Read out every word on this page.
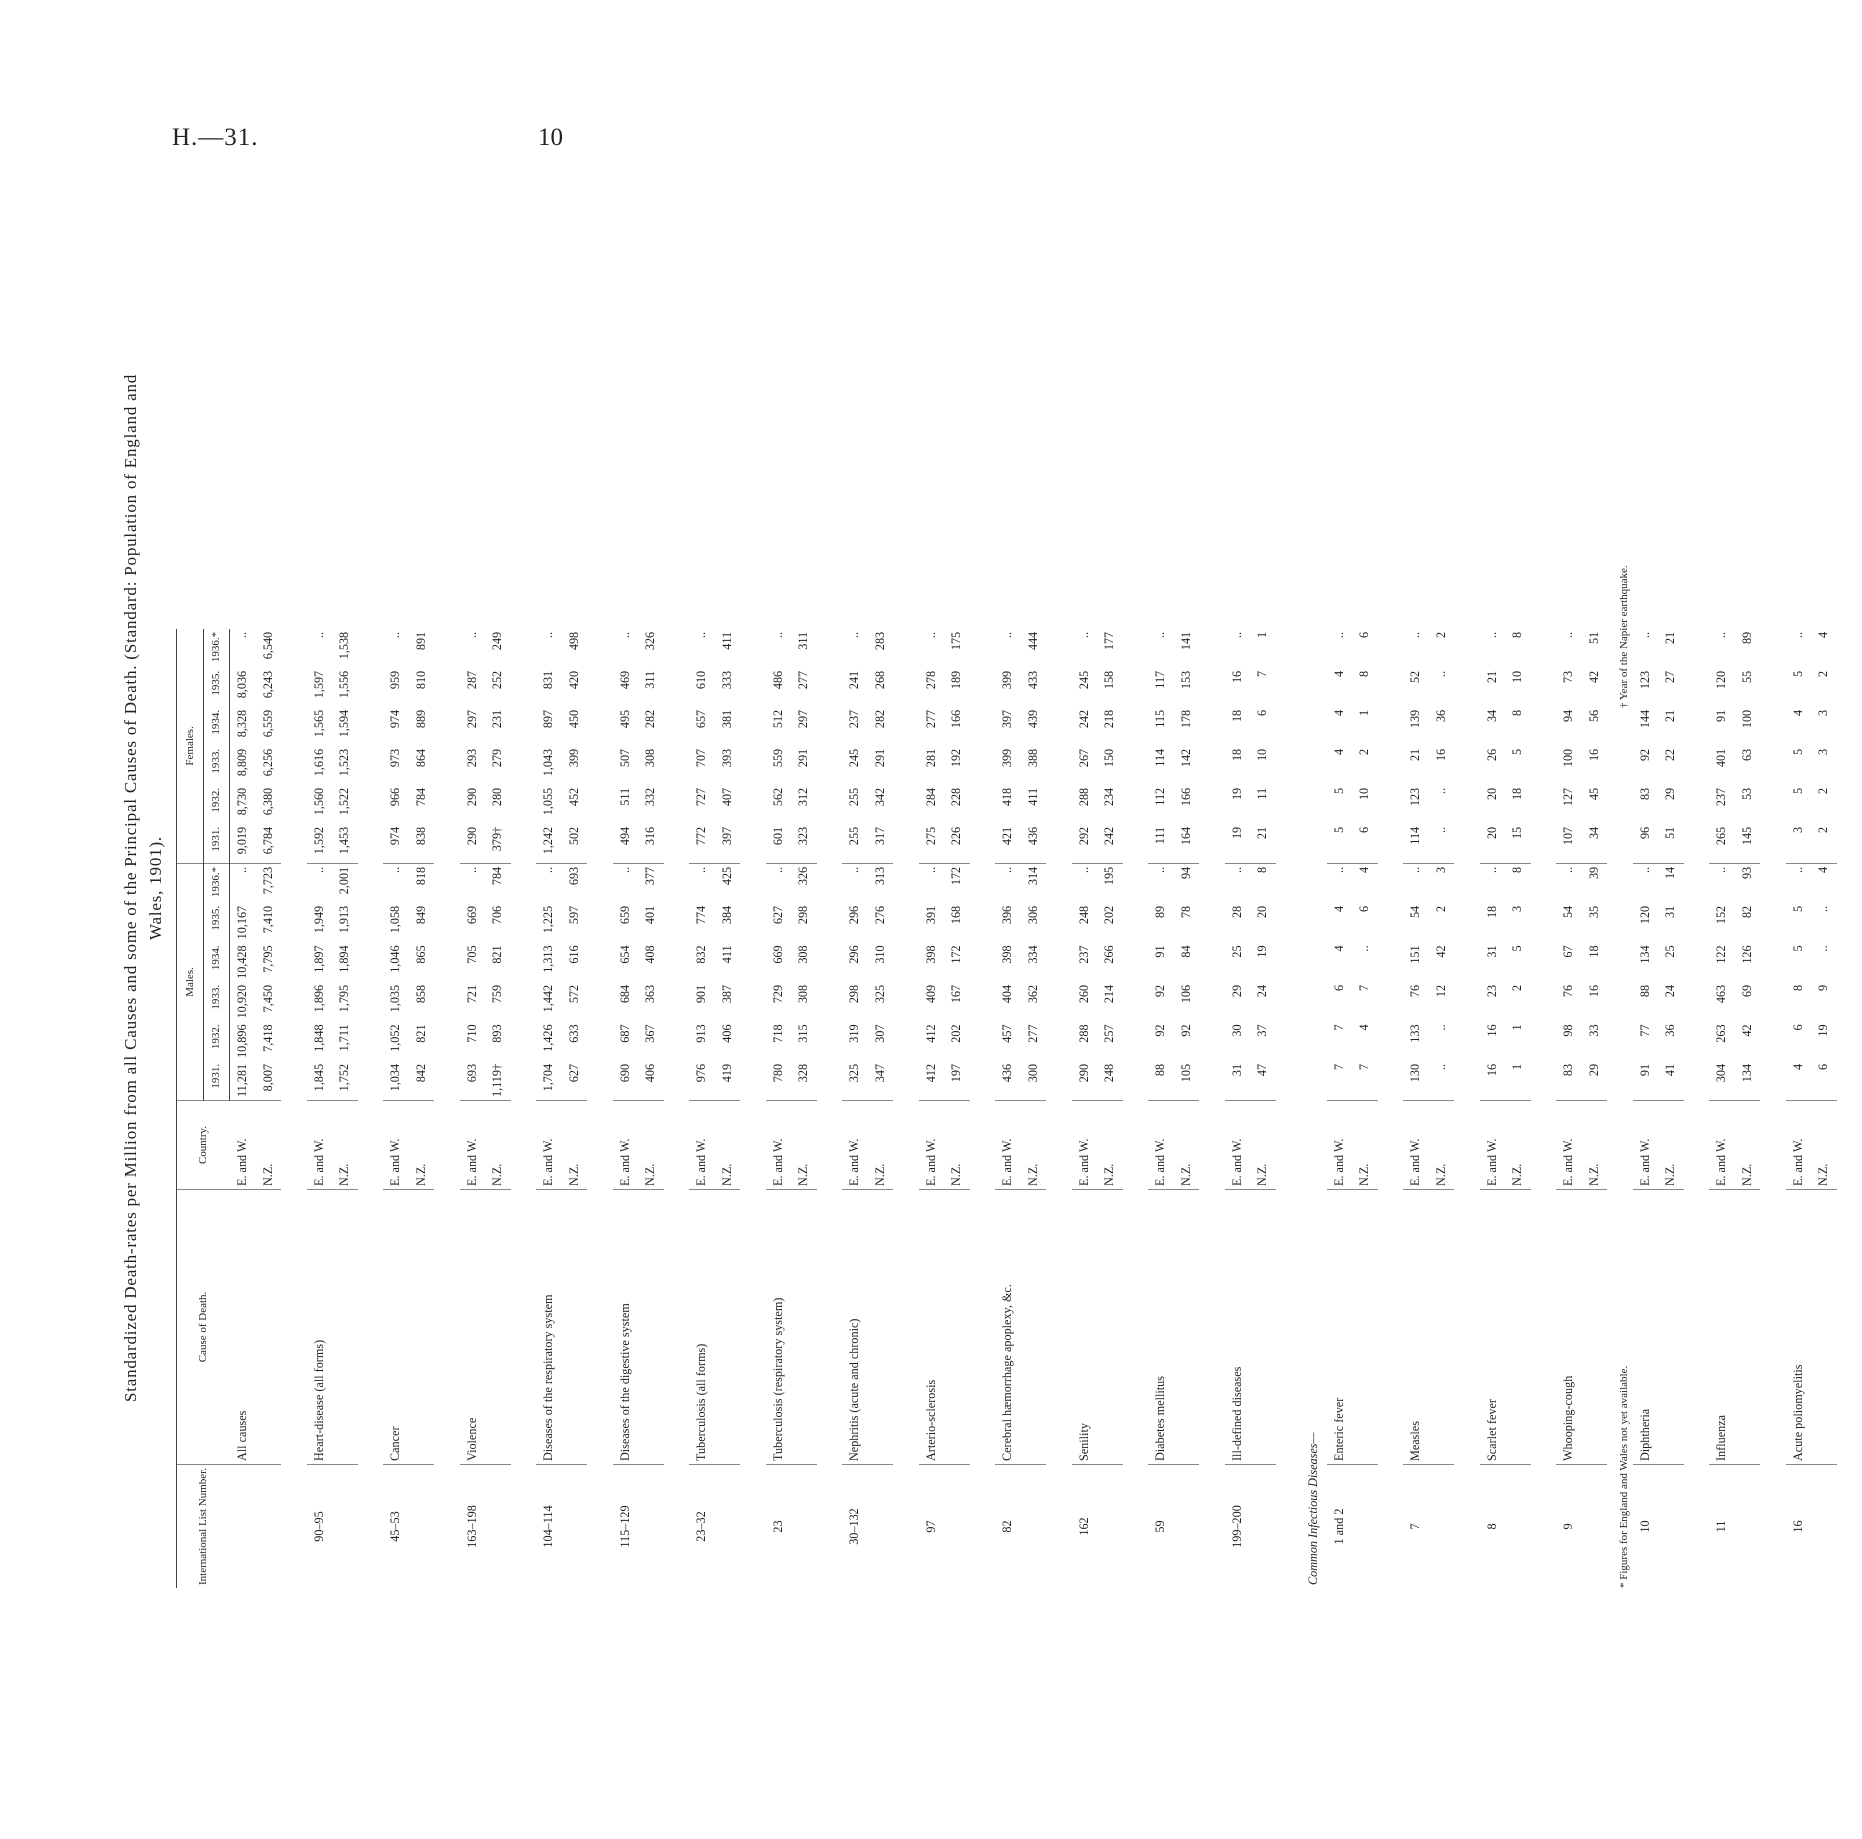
H.—31.	10
Standardized Death-rates per Million from all Causes and some of the Principal Causes of Death. (Standard: Population of England and Wales, 1901).
International List Number.	Cause of Death.	Country.	Males.						Females.					
			1931.	1932.	1933.	1934.	1935.	1936.*	1931.	1932.	1933.	1934.	1935.	1936.*
	All causes	E. and W.	11,281	10,896	10,920	10,428	10,167	..	9,019	8,730	8,809	8,328	8,036	..
		N.Z.	8,007	7,418	7,450	7,795	7,410	7,723	6,784	6,380	6,256	6,559	6,243	6,540

90–95	Heart-disease (all forms)	E. and W.	1,845	1,848	1,896	1,897	1,949	..	1,592	1,560	1,616	1,565	1,597	..
		N.Z.	1,752	1,711	1,795	1,894	1,913	2,001	1,453	1,522	1,523	1,594	1,556	1,538

45–53	Cancer	E. and W.	1,034	1,052	1,035	1,046	1,058	..	974	966	973	974	959	..
		N.Z.	842	821	858	865	849	818	838	784	864	889	810	891

163–198	Violence	E. and W.	693	710	721	705	669	..	290	290	293	297	287	..
		N.Z.	1,119†	893	759	821	706	784	379†	280	279	231	252	249

104–114	Diseases of the respiratory system	E. and W.	1,704	1,426	1,442	1,313	1,225	..	1,242	1,055	1,043	897	831	..
		N.Z.	627	633	572	616	597	693	502	452	399	450	420	498

115–129	Diseases of the digestive system	E. and W.	690	687	684	654	659	..	494	511	507	495	469	..
		N.Z.	406	367	363	408	401	377	316	332	308	282	311	326

23–32	Tuberculosis (all forms)	E. and W.	976	913	901	832	774	..	772	727	707	657	610	..
		N.Z.	419	406	387	411	384	425	397	407	393	381	333	411

23	Tuberculosis (respiratory system)	E. and W.	780	718	729	669	627	..	601	562	559	512	486	..
		N.Z.	328	315	308	308	298	326	323	312	291	297	277	311

30–132	Nephritis (acute and chronic)	E. and W.	325	319	298	296	296	..	255	255	245	237	241	..
		N.Z.	347	307	325	310	276	313	317	342	291	282	268	283

97	Arterio-sclerosis	E. and W.	412	412	409	398	391	..	275	284	281	277	278	..
		N.Z.	197	202	167	172	168	172	226	228	192	166	189	175

82	Cerebral hæmorrhage apoplexy, &c.	E. and W.	436	457	404	398	396	..	421	418	399	397	399	..
		N.Z.	300	277	362	334	306	314	436	411	388	439	433	444

162	Senility	E. and W.	290	288	260	237	248	..	292	288	267	242	245	..
		N.Z.	248	257	214	266	202	195	242	234	150	218	158	177

59	Diabetes mellitus	E. and W.	88	92	92	91	89	..	111	112	114	115	117	..
		N.Z.	105	92	106	84	78	94	164	166	142	178	153	141

199–200	Ill-defined diseases	E. and W.	31	30	29	25	28	..	19	19	18	18	16	..
		N.Z.	47	37	24	19	20	8	21	11	10	6	7	1

Common Infectious Diseases—														
1 and 2	Enteric fever	E. and W.	7	7	6	4	4	..	5	5	4	4	4	..
		N.Z.	7	4	7	..	6	4	6	10	2	1	8	6

7	Measles	E. and W.	130	133	76	151	54	..	114	123	21	139	52	..
		N.Z.	..	..	12	42	2	3	..	..	16	36	..	2

8	Scarlet fever	E. and W.	16	16	23	31	18	..	20	20	26	34	21	..
		N.Z.	1	1	2	5	3	8	15	18	5	8	10	8

9	Whooping-cough	E. and W.	83	98	76	67	54	..	107	127	100	94	73	..
		N.Z.	29	33	16	18	35	39	34	45	16	56	42	51

10	Diphtheria	E. and W.	91	77	88	134	120	..	96	83	92	144	123	..
		N.Z.	41	36	24	25	31	14	51	29	22	21	27	21

11	Influenza	E. and W.	304	263	463	122	152	..	265	237	401	91	120	..
		N.Z.	134	42	69	126	82	93	145	53	63	100	55	89

16	Acute poliomyelitis	E. and W.	4	6	8	5	5	..	3	5	5	4	5	..
		N.Z.	6	19	9	..	..	4	2	2	3	3	2	4

* Figures for England and Wales not yet available.
† Year of the Napier earthquake.
